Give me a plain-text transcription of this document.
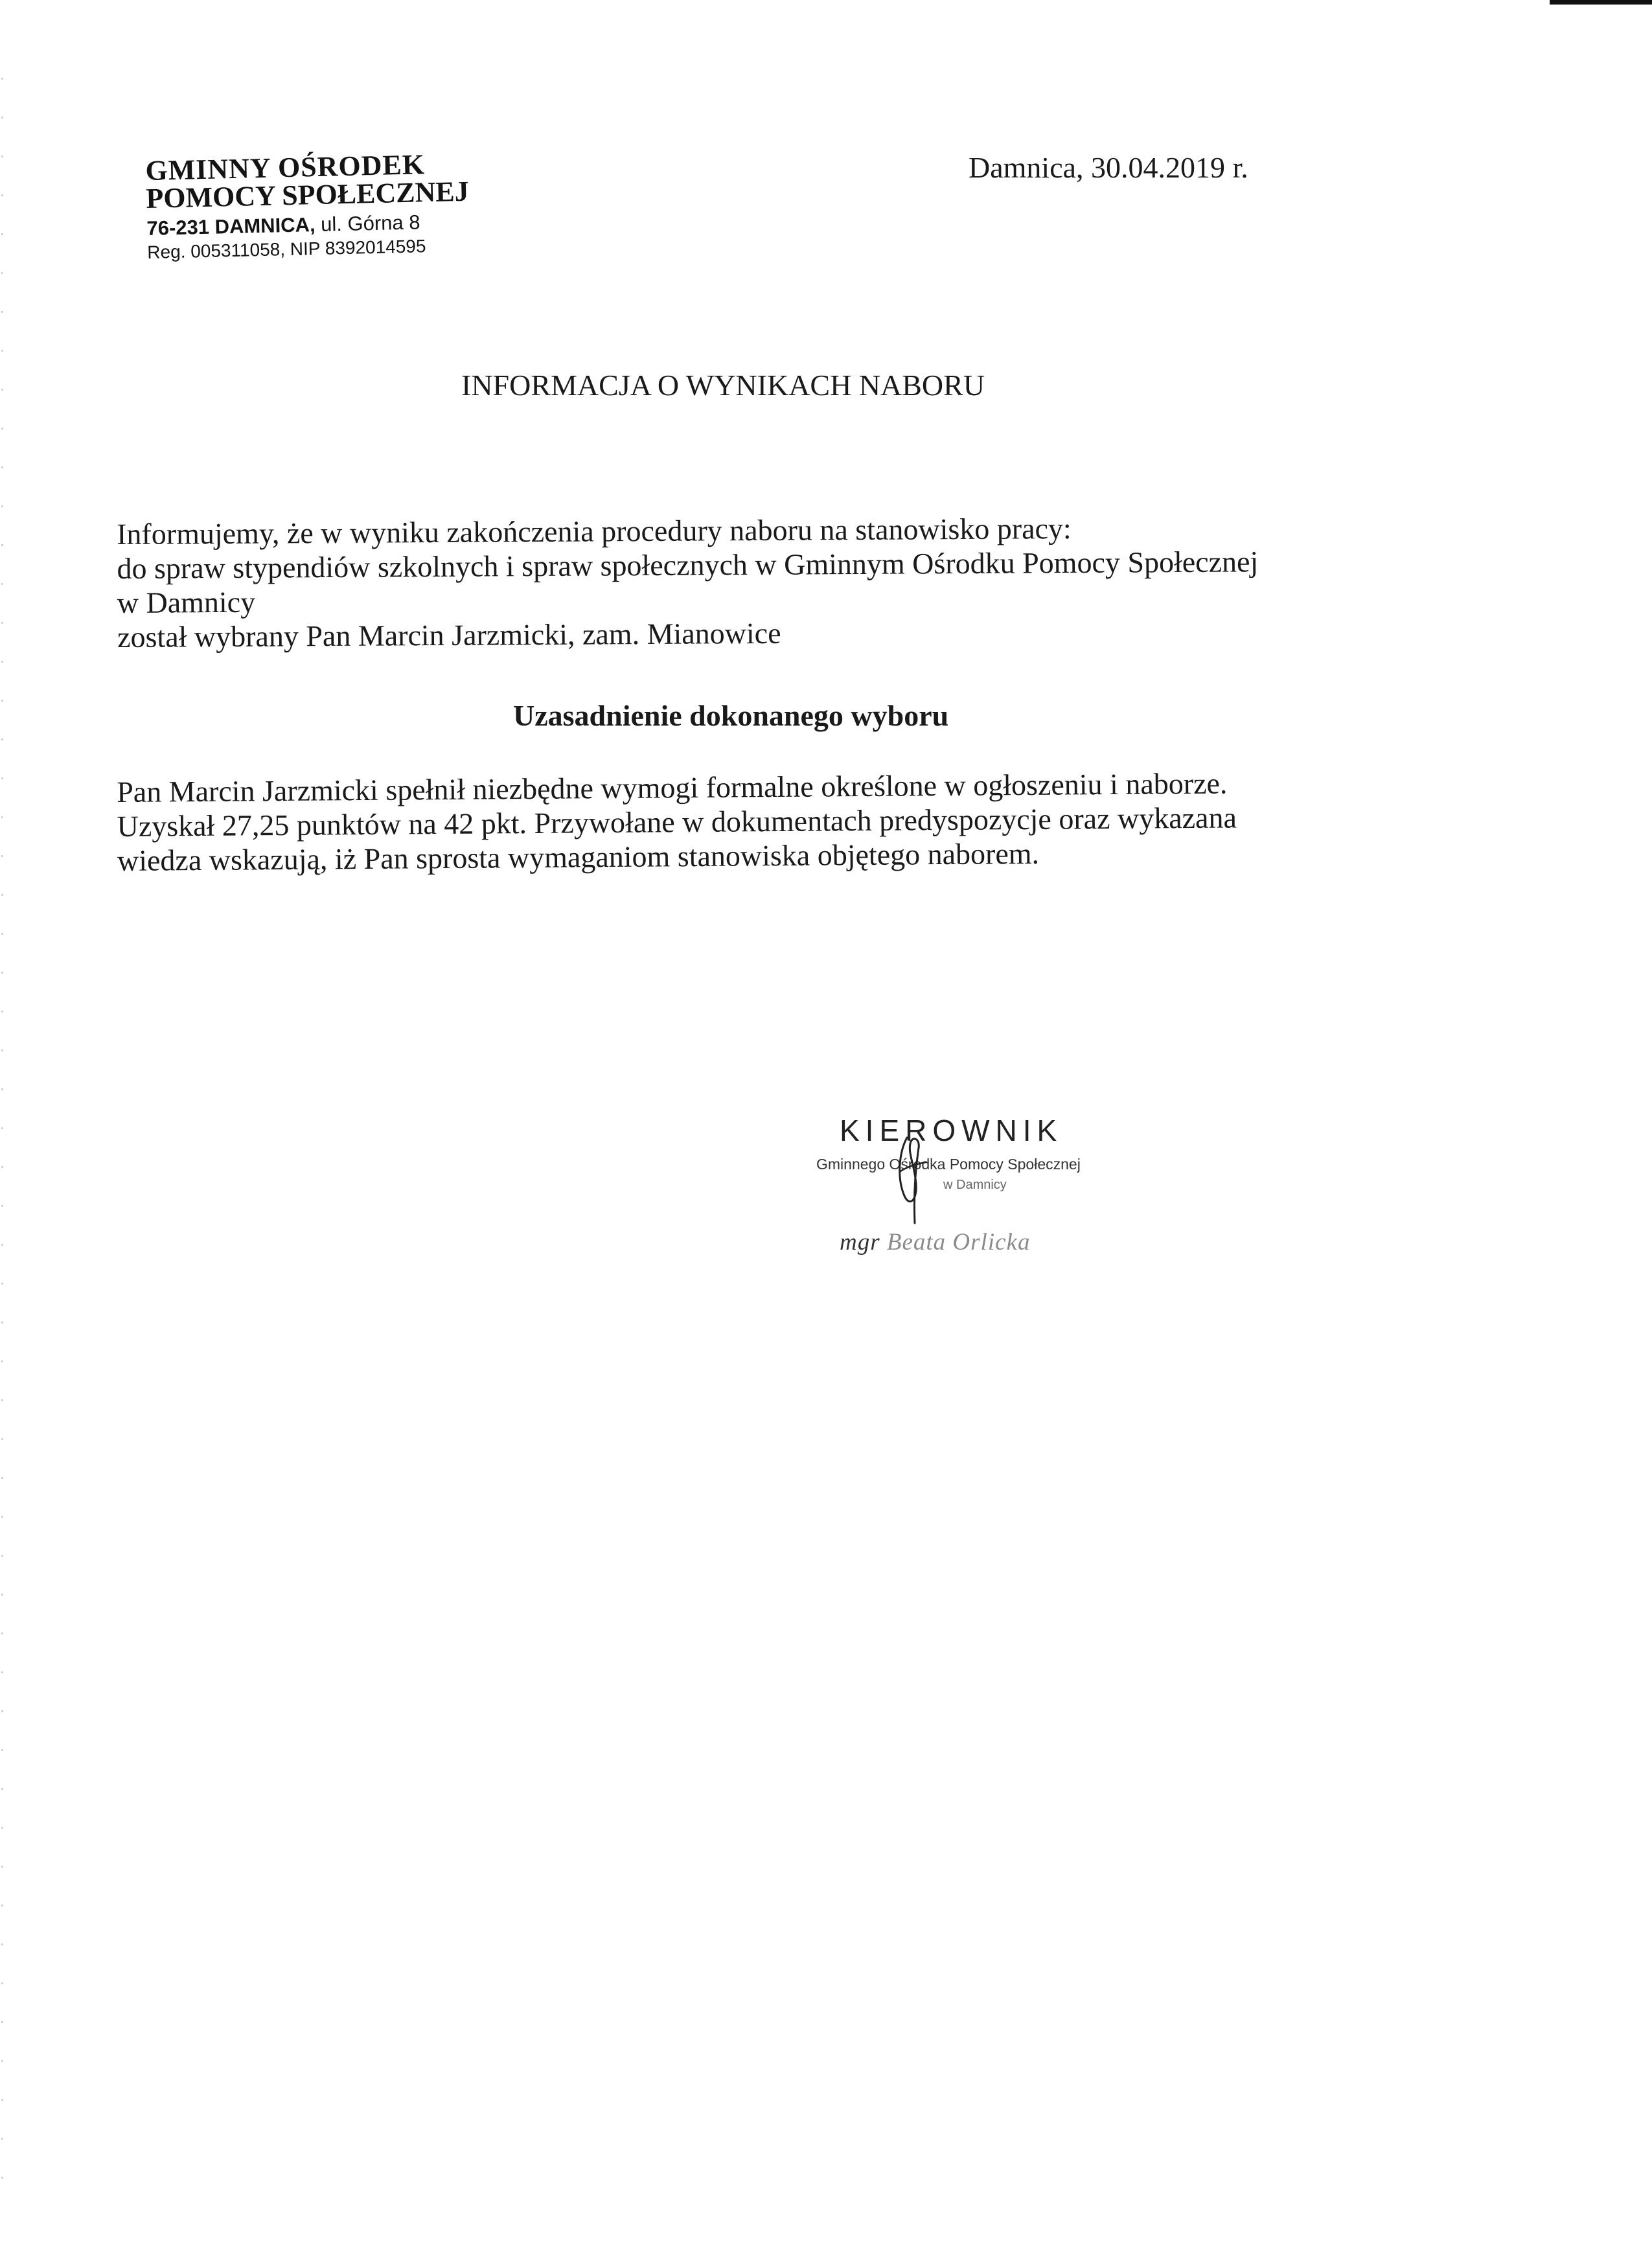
GMINNY OŚRODEK
POMOCY SPOŁECZNEJ
76-231 DAMNICA, ul. Górna 8
Reg. 005311058, NIP 8392014595
Damnica, 30.04.2019 r.
INFORMACJA O WYNIKACH NABORU
Informujemy, że w wyniku zakończenia procedury naboru na stanowisko pracy:
do spraw stypendiów szkolnych i spraw społecznych w Gminnym Ośrodku Pomocy Społecznej
w Damnicy
został wybrany Pan Marcin Jarzmicki, zam. Mianowice
Uzasadnienie dokonanego wyboru
Pan Marcin Jarzmicki spełnił niezbędne wymogi formalne określone w ogłoszeniu i naborze.
Uzyskał 27,25 punktów na 42 pkt. Przywołane w dokumentach predyspozycje oraz wykazana
wiedza wskazują, iż Pan sprosta wymaganiom stanowiska objętego naborem.
KIEROWNIK
Gminnego Ośrodka Pomocy Społecznej
w Damnicy
mgr Beata Orlicka
